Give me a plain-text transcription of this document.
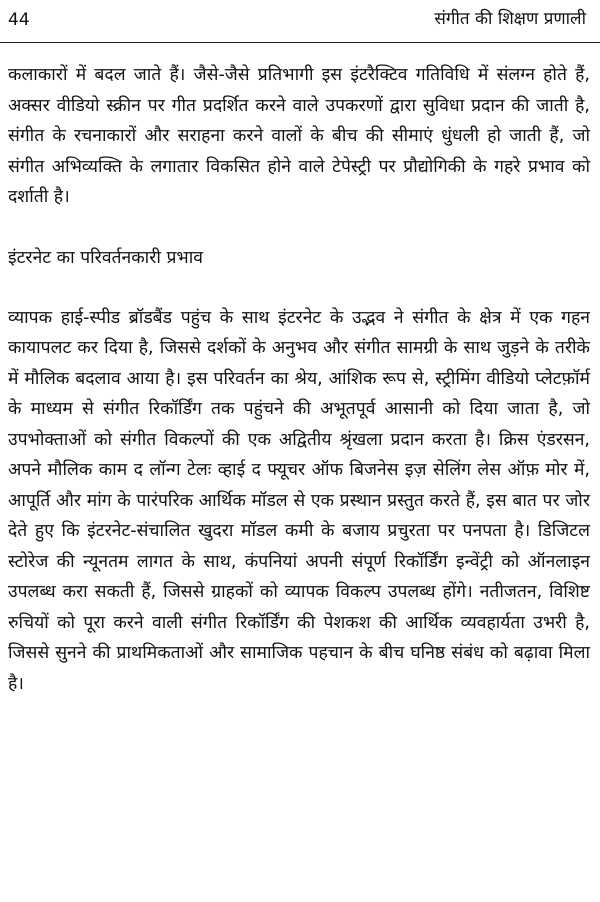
44	संगीत की शिक्षण प्रणाली

कलाकारों में बदल जाते हैं। जैसे-जैसे प्रतिभागी इस इंटरैक्टिव गतिविधि में संलग्न होते हैं, अक्सर वीडियो स्क्रीन पर गीत प्रदर्शित करने वाले उपकरणों द्वारा सुविधा प्रदान की जाती है, संगीत के रचनाकारों और सराहना करने वालों के बीच की सीमाएं धुंधली हो जाती हैं, जो संगीत अभिव्यक्ति के लगातार विकसित होने वाले टेपेस्ट्री पर प्रौद्योगिकी के गहरे प्रभाव को दर्शाती है।

इंटरनेट का परिवर्तनकारी प्रभाव

व्यापक हाई-स्पीड ब्रॉडबैंड पहुंच के साथ इंटरनेट के उद्भव ने संगीत के क्षेत्र में एक गहन कायापलट कर दिया है, जिससे दर्शकों के अनुभव और संगीत सामग्री के साथ जुड़ने के तरीके में मौलिक बदलाव आया है। इस परिवर्तन का श्रेय, आंशिक रूप से, स्ट्रीमिंग वीडियो प्लेटफ़ॉर्म के माध्यम से संगीत रिकॉर्डिंग तक पहुंचने की अभूतपूर्व आसानी को दिया जाता है, जो उपभोक्ताओं को संगीत विकल्पों की एक अद्वितीय श्रृंखला प्रदान करता है। क्रिस एंडरसन, अपने मौलिक काम द लॉन्ग टेलः व्हाई द फ्यूचर ऑफ बिजनेस इज़ सेलिंग लेस ऑफ़ मोर में, आपूर्ति और मांग के पारंपरिक आर्थिक मॉडल से एक प्रस्थान प्रस्तुत करते हैं, इस बात पर जोर देते हुए कि इंटरनेट-संचालित खुदरा मॉडल कमी के बजाय प्रचुरता पर पनपता है। डिजिटल स्टोरेज की न्यूनतम लागत के साथ, कंपनियां अपनी संपूर्ण रिकॉर्डिंग इन्वेंट्री को ऑनलाइन उपलब्ध करा सकती हैं, जिससे ग्राहकों को व्यापक विकल्प उपलब्ध होंगे। नतीजतन, विशिष्ट रुचियों को पूरा करने वाली संगीत रिकॉर्डिंग की पेशकश की आर्थिक व्यवहार्यता उभरी है, जिससे सुनने की प्राथमिकताओं और सामाजिक पहचान के बीच घनिष्ठ संबंध को बढ़ावा मिला है।
